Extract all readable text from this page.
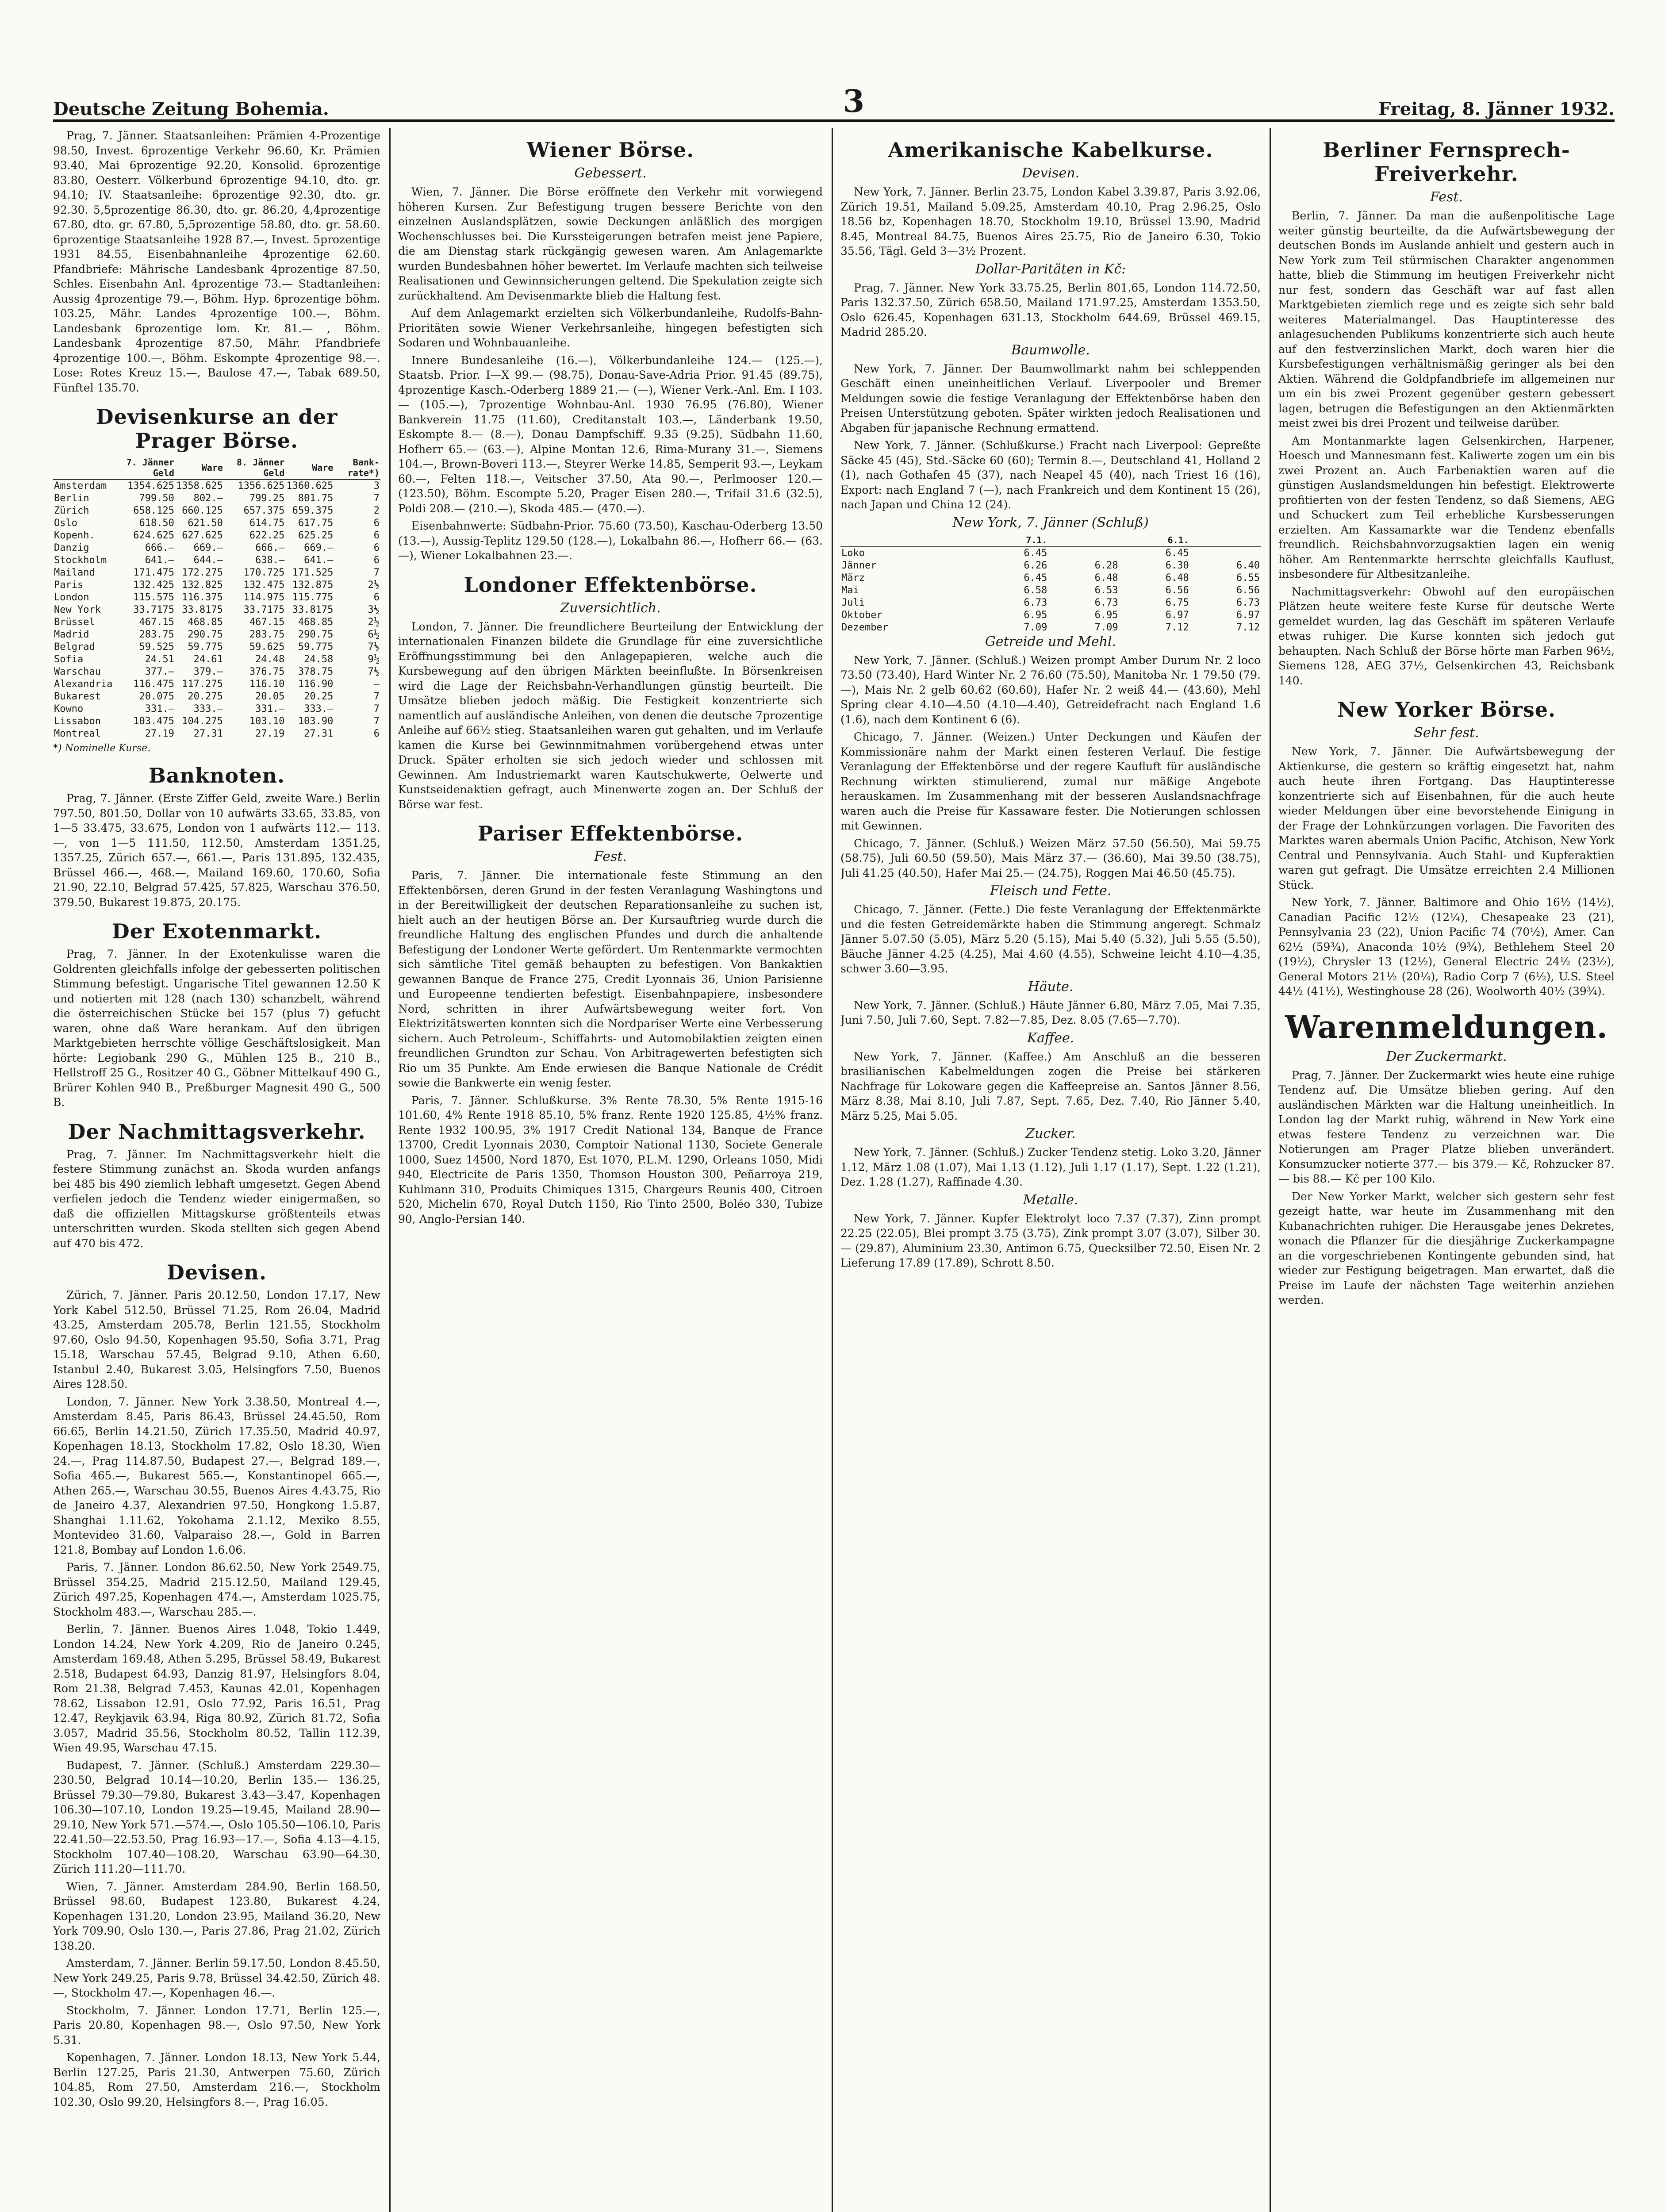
Deutsche Zeitung Bohemia.	3	Freitag, 8. Jänner 1932.

Prag, 7. Jänner. Staatsanleihen: Prämien 4-Prozentige 98.50, Invest. 6prozentige Verkehr 96.60, Kr. Prämien 93.40, Mai 6prozentige 92.20, Konsolid. 6prozentige 83.80, Oesterr. Völkerbund 6prozentige 94.10, dto. gr. 94.10; IV. Staatsanleihe: 6prozentige 92.30, dto. gr. 92.30. 5,5prozentige 86.30, dto. gr. 86.20, 4,4prozentige 67.80, dto. gr. 67.80, 5,5prozentige 58.80, dto. gr. 58.60. 6prozentige Staatsanleihe 1928 87.—, Invest. 5prozentige 1931 84.55, Eisenbahnanleihe 4prozentige 62.60. Pfandbriefe: Mährische Landesbank 4prozentige 87.50, Schles. Eisenbahn Anl. 4prozentige 73.— Stadtanleihen: Aussig 4prozentige 79.—, Böhm. Hyp. 6prozentige böhm. 103.25, Mähr. Landes 4prozentige 100.—, Böhm. Landesbank 6prozentige lom. Kr. 81.— , Böhm. Landesbank 4prozentige 87.50, Mähr. Pfandbriefe 4prozentige 100.—, Böhm. Eskompte 4prozentige 98.—. Lose: Rotes Kreuz 15.—, Baulose 47.—, Tabak 689.50, Fünftel 135.70.

Devisenkurse an der Prager Börse.
	7. Jänner Geld	Ware	8. Jänner Geld	Ware	Bank-rate*)
Amsterdam	1354.625	1358.625	1356.625	1360.625	3
Berlin	799.50	802.—	799.25	801.75	7
Zürich	658.125	660.125	657.375	659.375	2
Oslo	618.50	621.50	614.75	617.75	6
Kopenh.	624.625	627.625	622.25	625.25	6
Danzig	666.—	669.—	666.—	669.—	6
Stockholm	641.—	644.—	638.—	641.—	6
Mailand	171.475	172.275	170.725	171.525	7
Paris	132.425	132.825	132.475	132.875	2½
London	115.575	116.375	114.975	115.775	6
New York	33.7175	33.8175	33.7175	33.8175	3½
Brüssel	467.15	468.85	467.15	468.85	2½
Madrid	283.75	290.75	283.75	290.75	6½
Belgrad	59.525	59.775	59.625	59.775	7½
Sofia	24.51	24.61	24.48	24.58	9½
Warschau	377.—	379.—	376.75	378.75	7½
Alexandria	116.475	117.275	116.10	116.90	—
Bukarest	20.075	20.275	20.05	20.25	7
Kowno	331.—	333.—	331.—	333.—	7
Lissabon	103.475	104.275	103.10	103.90	7
Montreal	27.19	27.31	27.19	27.31	6
*) Nominelle Kurse.
Banknoten.

Prag, 7. Jänner. (Erste Ziffer Geld, zweite Ware.) Berlin 797.50, 801.50, Dollar von 10 aufwärts 33.65, 33.85, von 1—5 33.475, 33.675, London von 1 aufwärts 112.— 113.—, von 1—5 111.50, 112.50, Amsterdam 1351.25, 1357.25, Zürich 657.—, 661.—, Paris 131.895, 132.435, Brüssel 466.—, 468.—, Mailand 169.60, 170.60, Sofia 21.90, 22.10, Belgrad 57.425, 57.825, Warschau 376.50, 379.50, Bukarest 19.875, 20.175.

Der Exotenmarkt.

Prag, 7. Jänner. In der Exotenkulisse waren die Goldrenten gleichfalls infolge der gebesserten politischen Stimmung befestigt. Ungarische Titel gewannen 12.50 K und notierten mit 128 (nach 130) schanzbelt, während die österreichischen Stücke bei 157 (plus 7) gefucht waren, ohne daß Ware herankam. Auf den übrigen Marktgebieten herrschte völlige Geschäftslosigkeit. Man hörte: Legiobank 290 G., Mühlen 125 B., 210 B., Hellstroff 25 G., Rositzer 40 G., Göbner Mittelkauf 490 G., Brürer Kohlen 940 B., Preßburger Magnesit 490 G., 500 B.

Der Nachmittagsverkehr.

Prag, 7. Jänner. Im Nachmittagsverkehr hielt die festere Stimmung zunächst an. Skoda wurden anfangs bei 485 bis 490 ziemlich lebhaft umgesetzt. Gegen Abend verfielen jedoch die Tendenz wieder einigermaßen, so daß die offiziellen Mittagskurse größtenteils etwas unterschritten wurden. Skoda stellten sich gegen Abend auf 470 bis 472.

Devisen.

Zürich, 7. Jänner. Paris 20.12.50, London 17.17, New York Kabel 512.50, Brüssel 71.25, Rom 26.04, Madrid 43.25, Amsterdam 205.78, Berlin 121.55, Stockholm 97.60, Oslo 94.50, Kopenhagen 95.50, Sofia 3.71, Prag 15.18, Warschau 57.45, Belgrad 9.10, Athen 6.60, Istanbul 2.40, Bukarest 3.05, Helsingfors 7.50, Buenos Aires 128.50.

London, 7. Jänner. New York 3.38.50, Montreal 4.—, Amsterdam 8.45, Paris 86.43, Brüssel 24.45.50, Rom 66.65, Berlin 14.21.50, Zürich 17.35.50, Madrid 40.97, Kopenhagen 18.13, Stockholm 17.82, Oslo 18.30, Wien 24.—, Prag 114.87.50, Budapest 27.—, Belgrad 189.—, Sofia 465.—, Bukarest 565.—, Konstantinopel 665.—, Athen 265.—, Warschau 30.55, Buenos Aires 4.43.75, Rio de Janeiro 4.37, Alexandrien 97.50, Hongkong 1.5.87, Shanghai 1.11.62, Yokohama 2.1.12, Mexiko 8.55, Montevideo 31.60, Valparaiso 28.—, Gold in Barren 121.8, Bombay auf London 1.6.06.

Paris, 7. Jänner. London 86.62.50, New York 2549.75, Brüssel 354.25, Madrid 215.12.50, Mailand 129.45, Zürich 497.25, Kopenhagen 474.—, Amsterdam 1025.75, Stockholm 483.—, Warschau 285.—.

Berlin, 7. Jänner. Buenos Aires 1.048, Tokio 1.449, London 14.24, New York 4.209, Rio de Janeiro 0.245, Amsterdam 169.48, Athen 5.295, Brüssel 58.49, Bukarest 2.518, Budapest 64.93, Danzig 81.97, Helsingfors 8.04, Rom 21.38, Belgrad 7.453, Kaunas 42.01, Kopenhagen 78.62, Lissabon 12.91, Oslo 77.92, Paris 16.51, Prag 12.47, Reykjavik 63.94, Riga 80.92, Zürich 81.72, Sofia 3.057, Madrid 35.56, Stockholm 80.52, Tallin 112.39, Wien 49.95, Warschau 47.15.

Budapest, 7. Jänner. (Schluß.) Amsterdam 229.30—230.50, Belgrad 10.14—10.20, Berlin 135.— 136.25, Brüssel 79.30—79.80, Bukarest 3.43—3.47, Kopenhagen 106.30—107.10, London 19.25—19.45, Mailand 28.90—29.10, New York 571.—574.—, Oslo 105.50—106.10, Paris 22.41.50—22.53.50, Prag 16.93—17.—, Sofia 4.13—4.15, Stockholm 107.40—108.20, Warschau 63.90—64.30, Zürich 111.20—111.70.

Wien, 7. Jänner. Amsterdam 284.90, Berlin 168.50, Brüssel 98.60, Budapest 123.80, Bukarest 4.24, Kopenhagen 131.20, London 23.95, Mailand 36.20, New York 709.90, Oslo 130.—, Paris 27.86, Prag 21.02, Zürich 138.20.

Amsterdam, 7. Jänner. Berlin 59.17.50, London 8.45.50, New York 249.25, Paris 9.78, Brüssel 34.42.50, Zürich 48.—, Stockholm 47.—, Kopenhagen 46.—.

Stockholm, 7. Jänner. London 17.71, Berlin 125.—, Paris 20.80, Kopenhagen 98.—, Oslo 97.50, New York 5.31.

Kopenhagen, 7. Jänner. London 18.13, New York 5.44, Berlin 127.25, Paris 21.30, Antwerpen 75.60, Zürich 104.85, Rom 27.50, Amsterdam 216.—, Stockholm 102.30, Oslo 99.20, Helsingfors 8.—, Prag 16.05.

Wiener Börse.
Gebessert.

Wien, 7. Jänner. Die Börse eröffnete den Verkehr mit vorwiegend höheren Kursen. Zur Befestigung trugen bessere Berichte von den einzelnen Auslandsplätzen, sowie Deckungen anläßlich des morgigen Wochenschlusses bei. Die Kurssteigerungen betrafen meist jene Papiere, die am Dienstag stark rückgängig gewesen waren. Am Anlagemarkte wurden Bundesbahnen höher bewertet. Im Verlaufe machten sich teilweise Realisationen und Gewinnsicherungen geltend. Die Spekulation zeigte sich zurückhaltend. Am Devisenmarkte blieb die Haltung fest.

Auf dem Anlagemarkt erzielten sich Völkerbundanleihe, Rudolfs-Bahn-Prioritäten sowie Wiener Verkehrsanleihe, hingegen befestigten sich Sodaren und Wohnbauanleihe.

Innere Bundesanleihe (16.—), Völkerbundanleihe 124.— (125.—), Staatsb. Prior. I—X 99.— (98.75), Donau-Save-Adria Prior. 91.45 (89.75), 4prozentige Kasch.-Oderberg 1889 21.— (—), Wiener Verk.-Anl. Em. I 103.— (105.—), 7prozentige Wohnbau-Anl. 1930 76.95 (76.80), Wiener Bankverein 11.75 (11.60), Creditanstalt 103.—, Länderbank 19.50, Eskompte 8.— (8.—), Donau Dampfschiff. 9.35 (9.25), Südbahn 11.60, Hofherr 65.— (63.—), Alpine Montan 12.6, Rima-Murany 31.—, Siemens 104.—, Brown-Boveri 113.—, Steyrer Werke 14.85, Semperit 93.—, Leykam 60.—, Felten 118.—, Veitscher 37.50, Ata 90.—, Perlmooser 120.— (123.50), Böhm. Escompte 5.20, Prager Eisen 280.—, Trifail 31.6 (32.5), Poldi 208.— (210.—), Skoda 485.— (470.—).

Eisenbahnwerte: Südbahn-Prior. 75.60 (73.50), Kaschau-Oderberg 13.50 (13.—), Aussig-Teplitz 129.50 (128.—), Lokalbahn 86.—, Hofherr 66.— (63.—), Wiener Lokalbahnen 23.—.

Londoner Effektenbörse.
Zuversichtlich.

London, 7. Jänner. Die freundlichere Beurteilung der Entwicklung der internationalen Finanzen bildete die Grundlage für eine zuversichtliche Eröffnungsstimmung bei den Anlagepapieren, welche auch die Kursbewegung auf den übrigen Märkten beeinflußte. In Börsenkreisen wird die Lage der Reichsbahn-Verhandlungen günstig beurteilt. Die Umsätze blieben jedoch mäßig. Die Festigkeit konzentrierte sich namentlich auf ausländische Anleihen, von denen die deutsche 7prozentige Anleihe auf 66½ stieg. Staatsanleihen waren gut gehalten, und im Verlaufe kamen die Kurse bei Gewinnmitnahmen vorübergehend etwas unter Druck. Später erholten sie sich jedoch wieder und schlossen mit Gewinnen. Am Industriemarkt waren Kautschukwerte, Oelwerte und Kunstseidenaktien gefragt, auch Minenwerte zogen an. Der Schluß der Börse war fest.

Pariser Effektenbörse.
Fest.

Paris, 7. Jänner. Die internationale feste Stimmung an den Effektenbörsen, deren Grund in der festen Veranlagung Washingtons und in der Bereitwilligkeit der deutschen Reparationsanleihe zu suchen ist, hielt auch an der heutigen Börse an. Der Kursauftrieg wurde durch die freundliche Haltung des englischen Pfundes und durch die anhaltende Befestigung der Londoner Werte gefördert. Um Rentenmarkte vermochten sich sämtliche Titel gemäß behaupten zu befestigen. Von Bankaktien gewannen Banque de France 275, Credit Lyonnais 36, Union Parisienne und Europeenne tendierten befestigt. Eisenbahnpapiere, insbesondere Nord, schritten in ihrer Aufwärtsbewegung weiter fort. Von Elektrizitätswerten konnten sich die Nordpariser Werte eine Verbesserung sichern. Auch Petroleum-, Schiffahrts- und Automobilaktien zeigten einen freundlichen Grundton zur Schau. Von Arbitragewerten befestigten sich Rio um 35 Punkte. Am Ende erwiesen die Banque Nationale de Crédit sowie die Bankwerte ein wenig fester.

Paris, 7. Jänner. Schlußkurse. 3% Rente 78.30, 5% Rente 1915-16 101.60, 4% Rente 1918 85.10, 5% franz. Rente 1920 125.85, 4½% franz. Rente 1932 100.95, 3% 1917 Credit National 134, Banque de France 13700, Credit Lyonnais 2030, Comptoir National 1130, Societe Generale 1000, Suez 14500, Nord 1870, Est 1070, P.L.M. 1290, Orleans 1050, Midi 940, Electricite de Paris 1350, Thomson Houston 300, Peñarroya 219, Kuhlmann 310, Produits Chimiques 1315, Chargeurs Reunis 400, Citroen 520, Michelin 670, Royal Dutch 1150, Rio Tinto 2500, Boléo 330, Tubize 90, Anglo-Persian 140.

Amerikanische Kabelkurse.
Devisen.

New York, 7. Jänner. Berlin 23.75, London Kabel 3.39.87, Paris 3.92.06, Zürich 19.51, Mailand 5.09.25, Amsterdam 40.10, Prag 2.96.25, Oslo 18.56 bz, Kopenhagen 18.70, Stockholm 19.10, Brüssel 13.90, Madrid 8.45, Montreal 84.75, Buenos Aires 25.75, Rio de Janeiro 6.30, Tokio 35.56, Tägl. Geld 3—3½ Prozent.

Dollar-Paritäten in Kč:

Prag, 7. Jänner. New York 33.75.25, Berlin 801.65, London 114.72.50, Paris 132.37.50, Zürich 658.50, Mailand 171.97.25, Amsterdam 1353.50, Oslo 626.45, Kopenhagen 631.13, Stockholm 644.69, Brüssel 469.15, Madrid 285.20.

Baumwolle.

New York, 7. Jänner. Der Baumwollmarkt nahm bei schleppenden Geschäft einen uneinheitlichen Verlauf. Liverpooler und Bremer Meldungen sowie die festige Veranlagung der Effektenbörse haben den Preisen Unterstützung geboten. Später wirkten jedoch Realisationen und Abgaben für japanische Rechnung ermattend.

New York, 7. Jänner. (Schlußkurse.) Fracht nach Liverpool: Gepreßte Säcke 45 (45), Std.-Säcke 60 (60); Termin 8.—, Deutschland 41, Holland 2 (1), nach Gothafen 45 (37), nach Neapel 45 (40), nach Triest 16 (16), Export: nach England 7 (—), nach Frankreich und dem Kontinent 15 (26), nach Japan und China 12 (24).

New York, 7. Jänner (Schluß)
	7.1.		6.1.	
Loko	6.45		6.45	
Jänner	6.26	6.28	6.30	6.40
März	6.45	6.48	6.48	6.55
Mai	6.58	6.53	6.56	6.56
Juli	6.73	6.73	6.75	6.73
Oktober	6.95	6.95	6.97	6.97
Dezember	7.09	7.09	7.12	7.12
Getreide und Mehl.

New York, 7. Jänner. (Schluß.) Weizen prompt Amber Durum Nr. 2 loco 73.50 (73.40), Hard Winter Nr. 2 76.60 (75.50), Manitoba Nr. 1 79.50 (79.—), Mais Nr. 2 gelb 60.62 (60.60), Hafer Nr. 2 weiß 44.— (43.60), Mehl Spring clear 4.10—4.50 (4.10—4.40), Getreidefracht nach England 1.6 (1.6), nach dem Kontinent 6 (6).

Chicago, 7. Jänner. (Weizen.) Unter Deckungen und Käufen der Kommissionäre nahm der Markt einen festeren Verlauf. Die festige Veranlagung der Effektenbörse und der regere Kaufluft für ausländische Rechnung wirkten stimulierend, zumal nur mäßige Angebote herauskamen. Im Zusammenhang mit der besseren Auslandsnachfrage waren auch die Preise für Kassaware fester. Die Notierungen schlossen mit Gewinnen.

Chicago, 7. Jänner. (Schluß.) Weizen März 57.50 (56.50), Mai 59.75 (58.75), Juli 60.50 (59.50), Mais März 37.— (36.60), Mai 39.50 (38.75), Juli 41.25 (40.50), Hafer Mai 25.— (24.75), Roggen Mai 46.50 (45.75).

Fleisch und Fette.

Chicago, 7. Jänner. (Fette.) Die feste Veranlagung der Effektenmärkte und die festen Getreidemärkte haben die Stimmung angeregt. Schmalz Jänner 5.07.50 (5.05), März 5.20 (5.15), Mai 5.40 (5.32), Juli 5.55 (5.50), Bäuche Jänner 4.25 (4.25), Mai 4.60 (4.55), Schweine leicht 4.10—4.35, schwer 3.60—3.95.

Häute.

New York, 7. Jänner. (Schluß.) Häute Jänner 6.80, März 7.05, Mai 7.35, Juni 7.50, Juli 7.60, Sept. 7.82—7.85, Dez. 8.05 (7.65—7.70).

Kaffee.

New York, 7. Jänner. (Kaffee.) Am Anschluß an die besseren brasilianischen Kabelmeldungen zogen die Preise bei stärkeren Nachfrage für Lokoware gegen die Kaffeepreise an. Santos Jänner 8.56, März 8.38, Mai 8.10, Juli 7.87, Sept. 7.65, Dez. 7.40, Rio Jänner 5.40, März 5.25, Mai 5.05.

Zucker.

New York, 7. Jänner. (Schluß.) Zucker Tendenz stetig. Loko 3.20, Jänner 1.12, März 1.08 (1.07), Mai 1.13 (1.12), Juli 1.17 (1.17), Sept. 1.22 (1.21), Dez. 1.28 (1.27), Raffinade 4.30.

Metalle.

New York, 7. Jänner. Kupfer Elektrolyt loco 7.37 (7.37), Zinn prompt 22.25 (22.05), Blei prompt 3.75 (3.75), Zink prompt 3.07 (3.07), Silber 30.— (29.87), Aluminium 23.30, Antimon 6.75, Quecksilber 72.50, Eisen Nr. 2 Lieferung 17.89 (17.89), Schrott 8.50.

Berliner Fernsprech-Freiverkehr.
Fest.

Berlin, 7. Jänner. Da man die außenpolitische Lage weiter günstig beurteilte, da die Aufwärtsbewegung der deutschen Bonds im Auslande anhielt und gestern auch in New York zum Teil stürmischen Charakter angenommen hatte, blieb die Stimmung im heutigen Freiverkehr nicht nur fest, sondern das Geschäft war auf fast allen Marktgebieten ziemlich rege und es zeigte sich sehr bald weiteres Materialmangel. Das Hauptinteresse des anlagesuchenden Publikums konzentrierte sich auch heute auf den festverzinslichen Markt, doch waren hier die Kursbefestigungen verhältnismäßig geringer als bei den Aktien. Während die Goldpfandbriefe im allgemeinen nur um ein bis zwei Prozent gegenüber gestern gebessert lagen, betrugen die Befestigungen an den Aktienmärkten meist zwei bis drei Prozent und teilweise darüber.

Am Montanmarkte lagen Gelsenkirchen, Harpener, Hoesch und Mannesmann fest. Kaliwerte zogen um ein bis zwei Prozent an. Auch Farbenaktien waren auf die günstigen Auslandsmeldungen hin befestigt. Elektrowerte profitierten von der festen Tendenz, so daß Siemens, AEG und Schuckert zum Teil erhebliche Kursbesserungen erzielten. Am Kassamarkte war die Tendenz ebenfalls freundlich. Reichsbahnvorzugsaktien lagen ein wenig höher. Am Rentenmarkte herrschte gleichfalls Kauflust, insbesondere für Altbesitzanleihe.

Nachmittagsverkehr: Obwohl auf den europäischen Plätzen heute weitere feste Kurse für deutsche Werte gemeldet wurden, lag das Geschäft im späteren Verlaufe etwas ruhiger. Die Kurse konnten sich jedoch gut behaupten. Nach Schluß der Börse hörte man Farben 96½, Siemens 128, AEG 37½, Gelsenkirchen 43, Reichsbank 140.

New Yorker Börse.
Sehr fest.

New York, 7. Jänner. Die Aufwärtsbewegung der Aktienkurse, die gestern so kräftig eingesetzt hat, nahm auch heute ihren Fortgang. Das Hauptinteresse konzentrierte sich auf Eisenbahnen, für die auch heute wieder Meldungen über eine bevorstehende Einigung in der Frage der Lohnkürzungen vorlagen. Die Favoriten des Marktes waren abermals Union Pacific, Atchison, New York Central und Pennsylvania. Auch Stahl- und Kupferaktien waren gut gefragt. Die Umsätze erreichten 2.4 Millionen Stück.

New York, 7. Jänner. Baltimore and Ohio 16½ (14½), Canadian Pacific 12½ (12¼), Chesapeake 23 (21), Pennsylvania 23 (22), Union Pacific 74 (70½), Amer. Can 62½ (59¾), Anaconda 10½ (9¾), Bethlehem Steel 20 (19½), Chrysler 13 (12½), General Electric 24½ (23½), General Motors 21½ (20¼), Radio Corp 7 (6½), U.S. Steel 44½ (41½), Westinghouse 28 (26), Woolworth 40½ (39¾).

Warenmeldungen.
Der Zuckermarkt.

Prag, 7. Jänner. Der Zuckermarkt wies heute eine ruhige Tendenz auf. Die Umsätze blieben gering. Auf den ausländischen Märkten war die Haltung uneinheitlich. In London lag der Markt ruhig, während in New York eine etwas festere Tendenz zu verzeichnen war. Die Notierungen am Prager Platze blieben unverändert. Konsumzucker notierte 377.— bis 379.— Kč, Rohzucker 87.— bis 88.— Kč per 100 Kilo.

Der New Yorker Markt, welcher sich gestern sehr fest gezeigt hatte, war heute im Zusammenhang mit den Kubanachrichten ruhiger. Die Herausgabe jenes Dekretes, wonach die Pflanzer für die diesjährige Zuckerkampagne an die vorgeschriebenen Kontingente gebunden sind, hat wieder zur Festigung beigetragen. Man erwartet, daß die Preise im Laufe der nächsten Tage weiterhin anziehen werden.
